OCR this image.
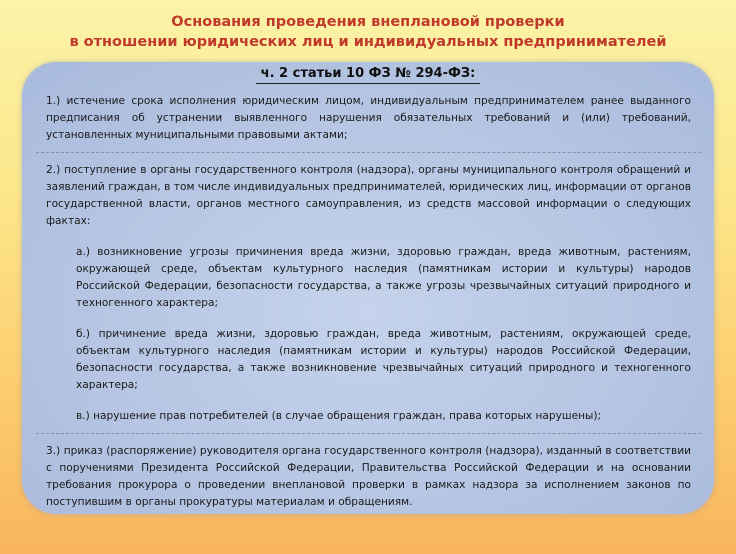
Основания проведения внеплановой проверки
в отношении юридических лиц и индивидуальных предпринимателей
ч. 2 статьи 10 ФЗ № 294-ФЗ:

1.) истечение срока исполнения юридическим лицом, индивидуальным предпринимателем ранее выданного предписания об устранении выявленного нарушения обязательных требований и (или) требований, установленных муниципальными правовыми актами;

2.) поступление в органы государственного контроля (надзора), органы муниципального контроля обращений и заявлений граждан, в том числе индивидуальных предпринимателей, юридических лиц, информации от органов государственной власти, органов местного самоуправления, из средств массовой информации о следующих фактах:

а.) возникновение угрозы причинения вреда жизни, здоровью граждан, вреда животным, растениям, окружающей среде, объектам культурного наследия (памятникам истории и культуры) народов Российской Федерации, безопасности государства, а также угрозы чрезвычайных ситуаций природного и техногенного характера;

б.) причинение вреда жизни, здоровью граждан, вреда животным, растениям, окружающей среде, объектам культурного наследия (памятникам истории и культуры) народов Российской Федерации, безопасности государства, а также возникновение чрезвычайных ситуаций природного и техногенного характера;

в.) нарушение прав потребителей (в случае обращения граждан, права которых нарушены);

3.) приказ (распоряжение) руководителя органа государственного контроля (надзора), изданный в соответствии с поручениями Президента Российской Федерации, Правительства Российской Федерации и на основании требования прокурора о проведении внеплановой проверки в рамках надзора за исполнением законов по поступившим в органы прокуратуры материалам и обращениям.
